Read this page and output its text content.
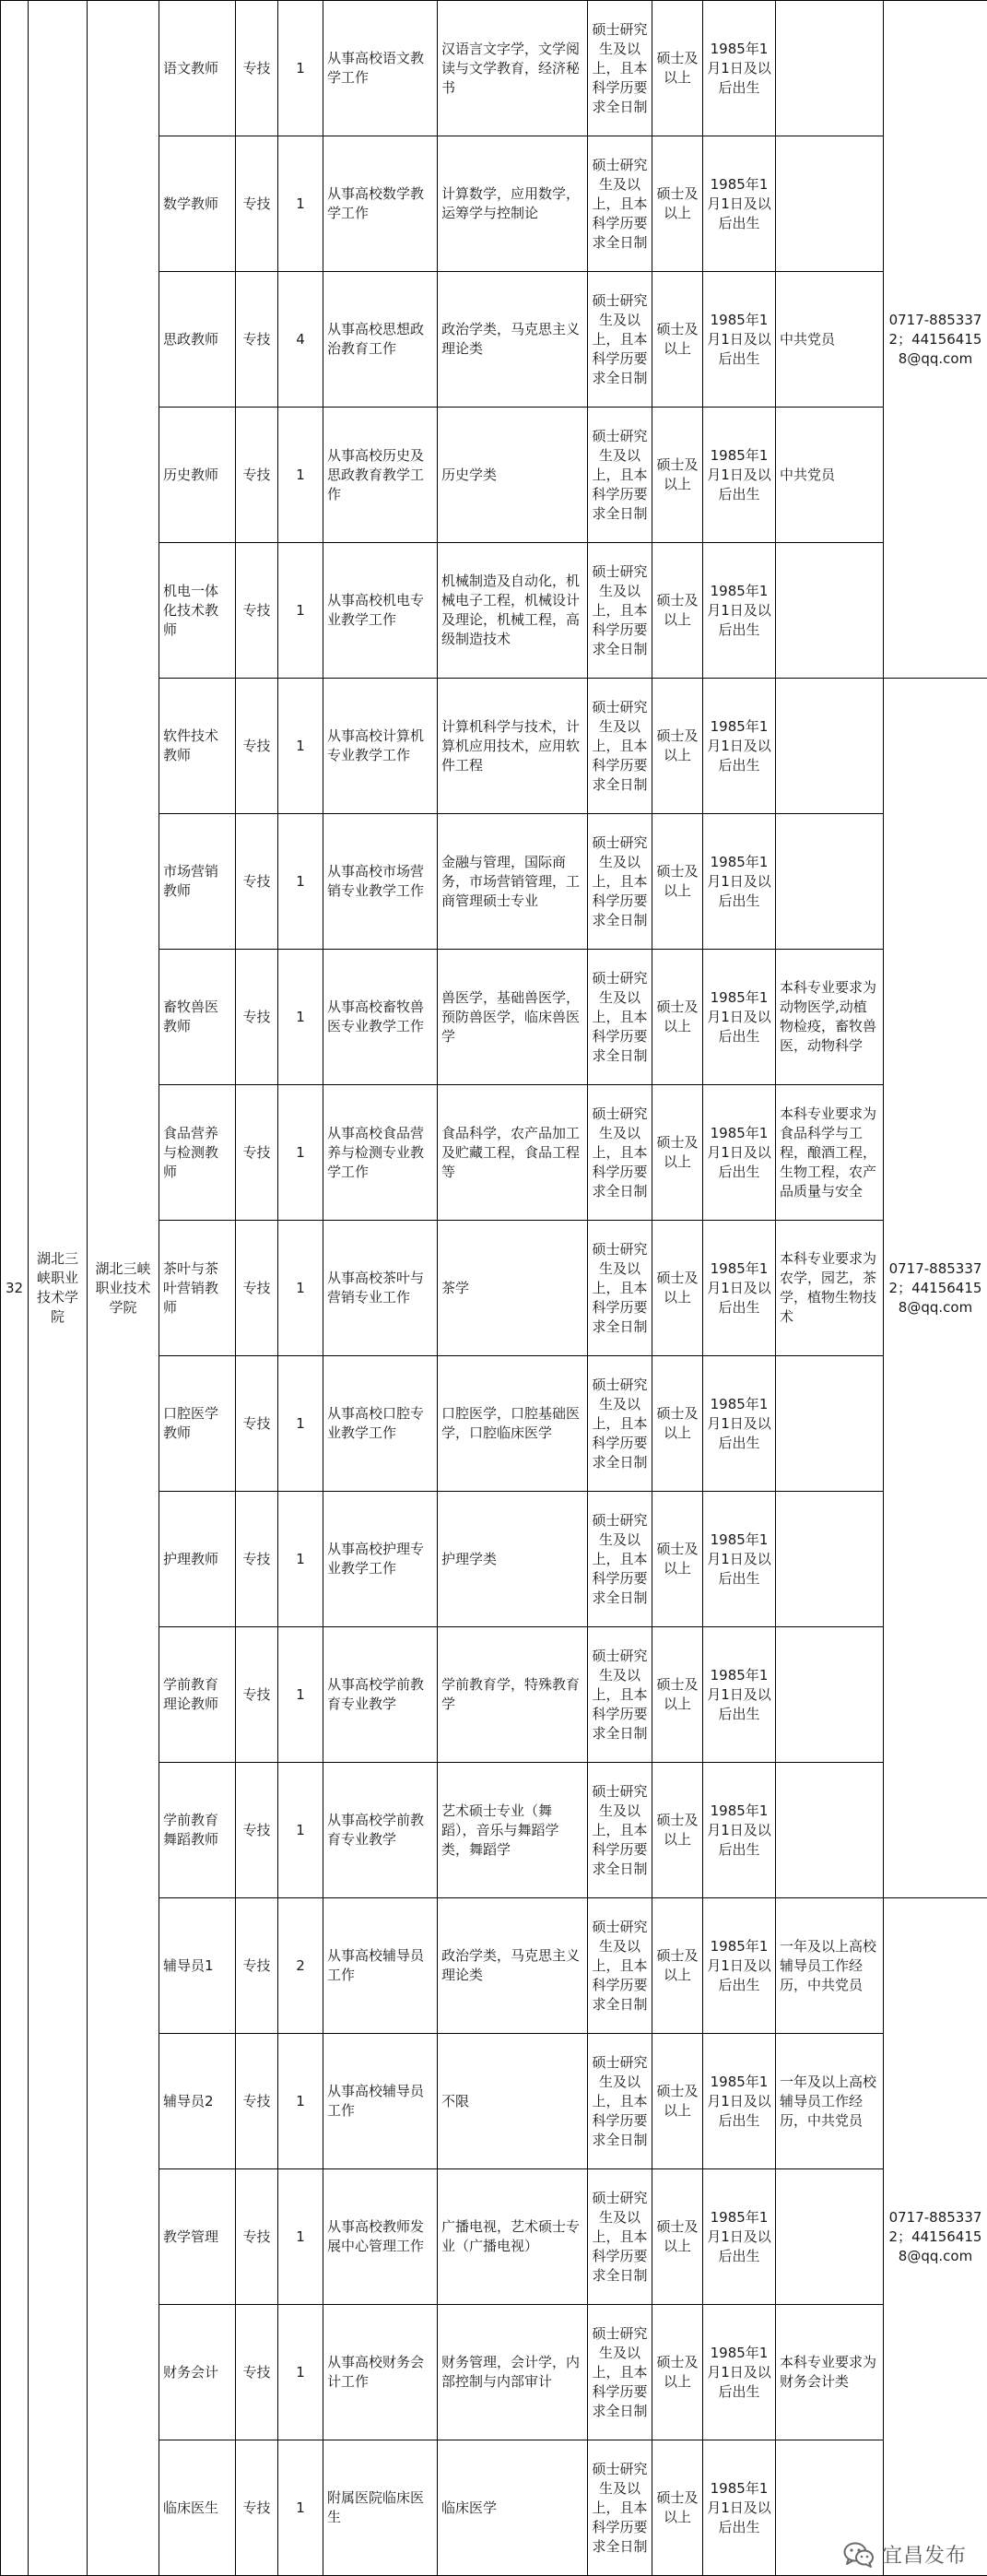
32	湖北三峡职业技术学院	湖北三峡职业技术学院	语文教师	专技	1	从事高校语文教学工作	汉语言文字学，文学阅读与文学教育，经济秘书	硕士研究生及以上，且本科学历要求全日制	硕士及以上	1985年1月1日及以后出生		0717-8853372；441564158@qq.com
			数学教师	专技	1	从事高校数学教学工作	计算数学，应用数学，运筹学与控制论	硕士研究生及以上，且本科学历要求全日制	硕士及以上	1985年1月1日及以后出生		
			思政教师	专技	4	从事高校思想政治教育工作	政治学类，马克思主义理论类	硕士研究生及以上，且本科学历要求全日制	硕士及以上	1985年1月1日及以后出生	中共党员	
			历史教师	专技	1	从事高校历史及思政教育教学工作	历史学类	硕士研究生及以上，且本科学历要求全日制	硕士及以上	1985年1月1日及以后出生	中共党员	
			机电一体化技术教师	专技	1	从事高校机电专业教学工作	机械制造及自动化，机械电子工程，机械设计及理论，机械工程，高级制造技术	硕士研究生及以上，且本科学历要求全日制	硕士及以上	1985年1月1日及以后出生		
			软件技术教师	专技	1	从事高校计算机专业教学工作	计算机科学与技术，计算机应用技术，应用软件工程	硕士研究生及以上，且本科学历要求全日制	硕士及以上	1985年1月1日及以后出生		0717-8853372；441564158@qq.com
			市场营销教师	专技	1	从事高校市场营销专业教学工作	金融与管理，国际商务，市场营销管理，工商管理硕士专业	硕士研究生及以上，且本科学历要求全日制	硕士及以上	1985年1月1日及以后出生		
			畜牧兽医教师	专技	1	从事高校畜牧兽医专业教学工作	兽医学，基础兽医学，预防兽医学，临床兽医学	硕士研究生及以上，且本科学历要求全日制	硕士及以上	1985年1月1日及以后出生	本科专业要求为动物医学,动植物检疫，畜牧兽医，动物科学	
			食品营养与检测教师	专技	1	从事高校食品营养与检测专业教学工作	食品科学，农产品加工及贮藏工程，食品工程等	硕士研究生及以上，且本科学历要求全日制	硕士及以上	1985年1月1日及以后出生	本科专业要求为食品科学与工程，酿酒工程，生物工程，农产品质量与安全	
			茶叶与茶叶营销教师	专技	1	从事高校茶叶与营销专业工作	茶学	硕士研究生及以上，且本科学历要求全日制	硕士及以上	1985年1月1日及以后出生	本科专业要求为农学，园艺，茶学，植物生物技术	
			口腔医学教师	专技	1	从事高校口腔专业教学工作	口腔医学，口腔基础医学，口腔临床医学	硕士研究生及以上，且本科学历要求全日制	硕士及以上	1985年1月1日及以后出生		
			护理教师	专技	1	从事高校护理专业教学工作	护理学类	硕士研究生及以上，且本科学历要求全日制	硕士及以上	1985年1月1日及以后出生		
			学前教育理论教师	专技	1	从事高校学前教育专业教学	学前教育学，特殊教育学	硕士研究生及以上，且本科学历要求全日制	硕士及以上	1985年1月1日及以后出生		
			学前教育舞蹈教师	专技	1	从事高校学前教育专业教学	艺术硕士专业（舞蹈），音乐与舞蹈学类，舞蹈学	硕士研究生及以上，且本科学历要求全日制	硕士及以上	1985年1月1日及以后出生		
			辅导员1	专技	2	从事高校辅导员工作	政治学类，马克思主义理论类	硕士研究生及以上，且本科学历要求全日制	硕士及以上	1985年1月1日及以后出生	一年及以上高校辅导员工作经历，中共党员	0717-8853372；441564158@qq.com
			辅导员2	专技	1	从事高校辅导员工作	不限	硕士研究生及以上，且本科学历要求全日制	硕士及以上	1985年1月1日及以后出生	一年及以上高校辅导员工作经历，中共党员	
			教学管理	专技	1	从事高校教师发展中心管理工作	广播电视，艺术硕士专业（广播电视）	硕士研究生及以上，且本科学历要求全日制	硕士及以上	1985年1月1日及以后出生		
			财务会计	专技	1	从事高校财务会计工作	财务管理，会计学，内部控制与内部审计	硕士研究生及以上，且本科学历要求全日制	硕士及以上	1985年1月1日及以后出生	本科专业要求为财务会计类	
			临床医生	专技	1	附属医院临床医生	临床医学	硕士研究生及以上，且本科学历要求全日制	硕士及以上	1985年1月1日及以后出生		
宜昌发布
